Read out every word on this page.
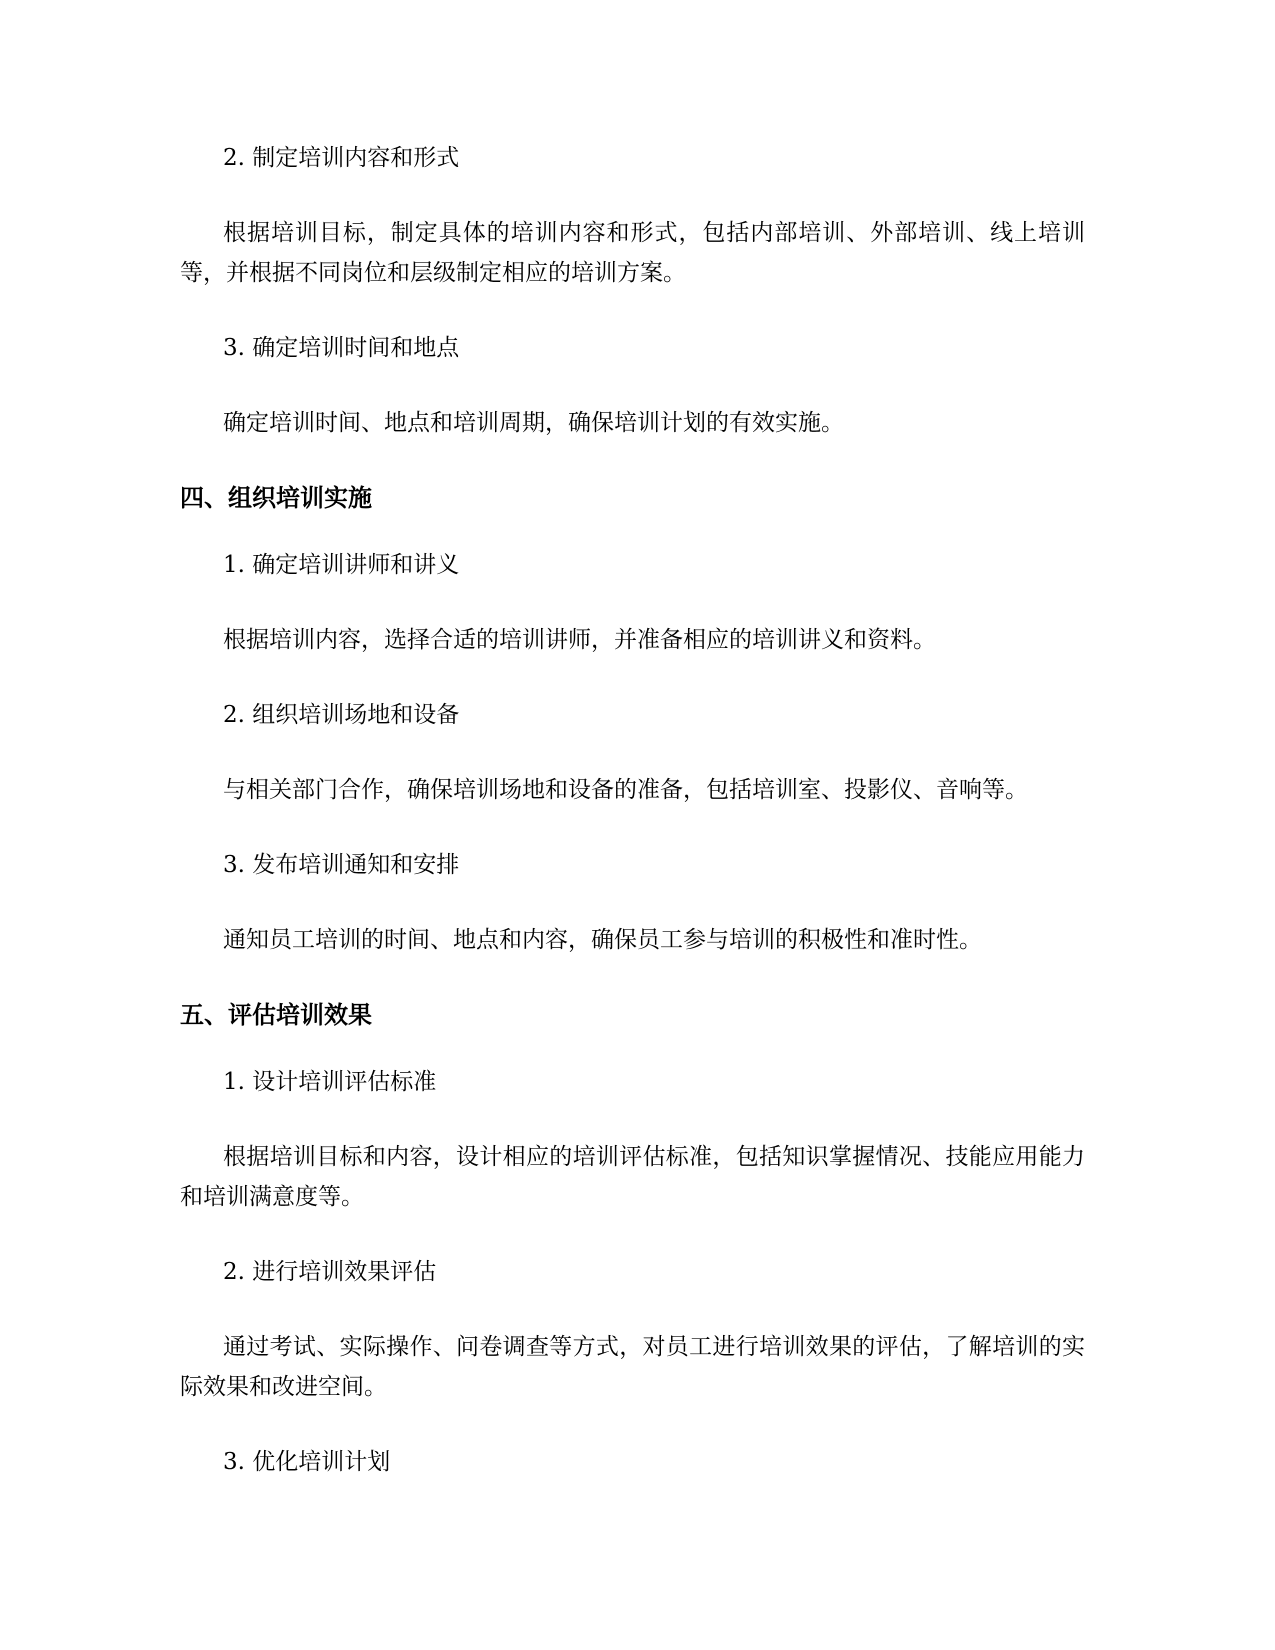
2. 制定培训内容和形式

根据培训目标，制定具体的培训内容和形式，包括内部培训、外部培训、线上培训等，并根据不同岗位和层级制定相应的培训方案。

3. 确定培训时间和地点

确定培训时间、地点和培训周期，确保培训计划的有效实施。

四、组织培训实施

1. 确定培训讲师和讲义

根据培训内容，选择合适的培训讲师，并准备相应的培训讲义和资料。

2. 组织培训场地和设备

与相关部门合作，确保培训场地和设备的准备，包括培训室、投影仪、音响等。

3. 发布培训通知和安排

通知员工培训的时间、地点和内容，确保员工参与培训的积极性和准时性。

五、评估培训效果

1. 设计培训评估标准

根据培训目标和内容，设计相应的培训评估标准，包括知识掌握情况、技能应用能力和培训满意度等。

2. 进行培训效果评估

通过考试、实际操作、问卷调查等方式，对员工进行培训效果的评估，了解培训的实际效果和改进空间。

3. 优化培训计划
